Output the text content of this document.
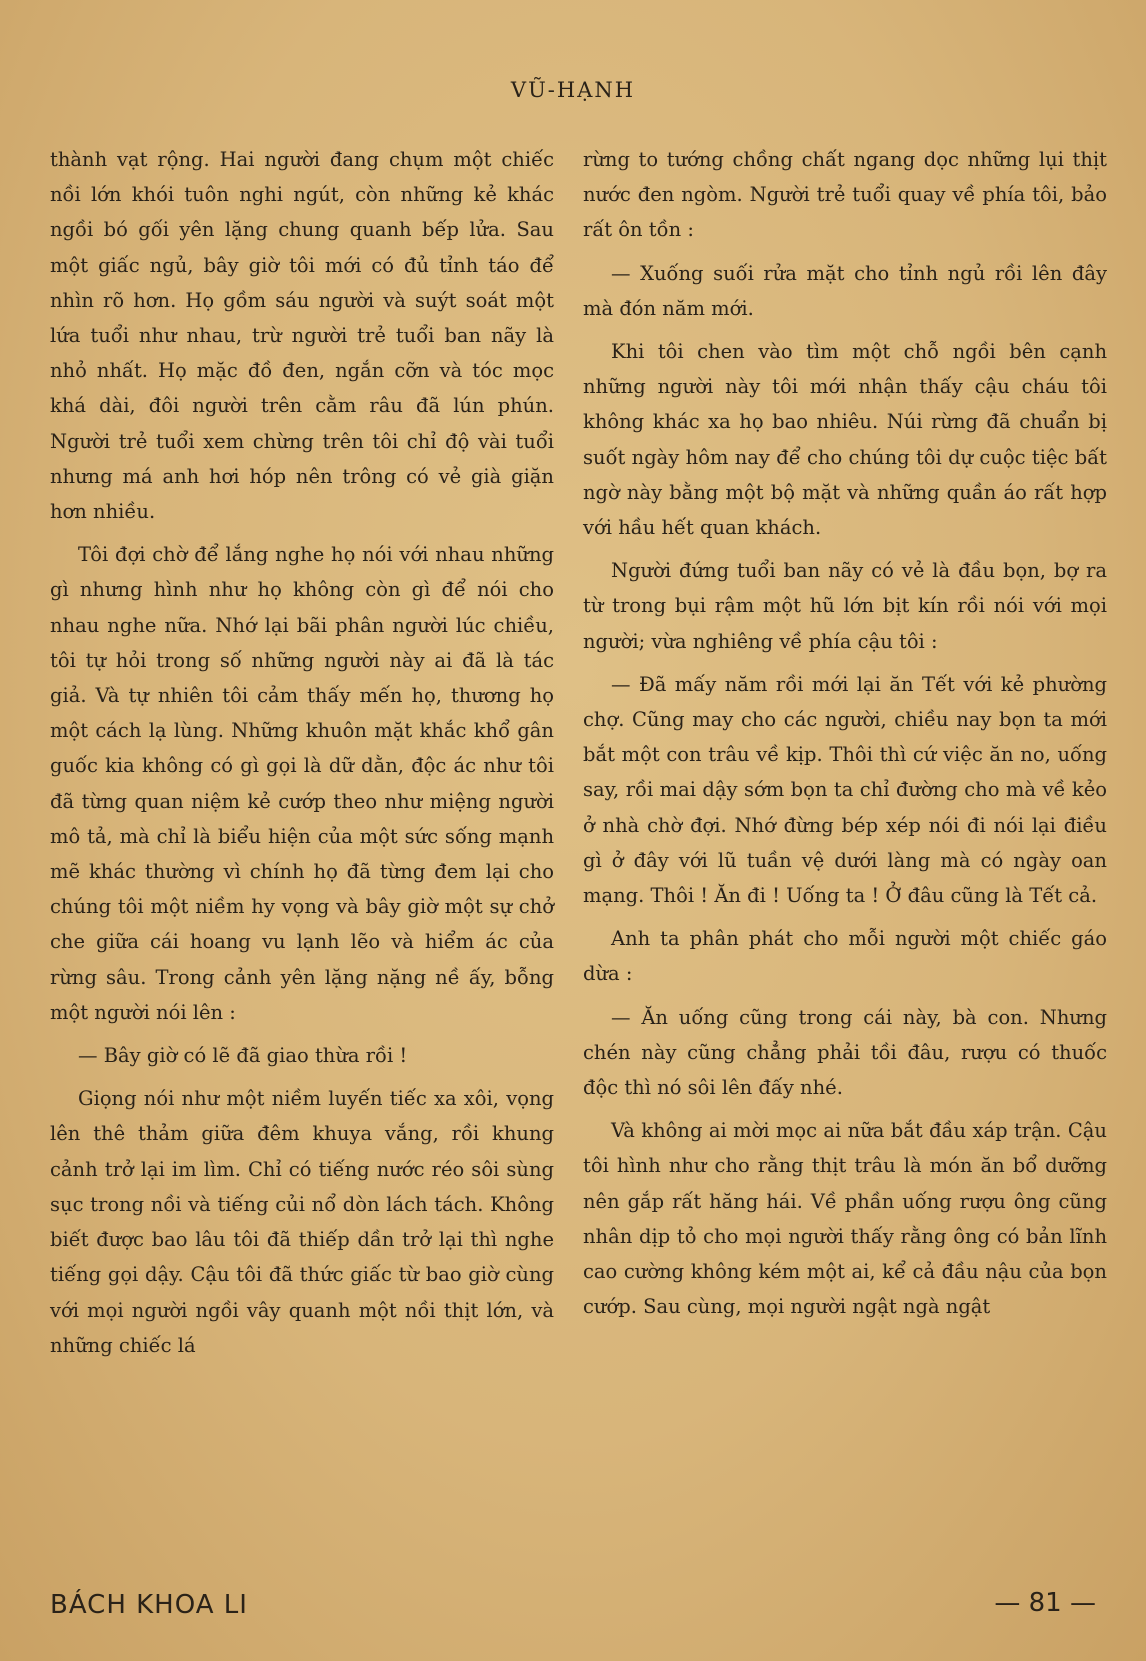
VŨ-HẠNH

thành vạt rộng. Hai người đang chụm một chiếc nồi lớn khói tuôn nghi ngút, còn những kẻ khác ngồi bó gối yên lặng chung quanh bếp lửa. Sau một giấc ngủ, bây giờ tôi mới có đủ tỉnh táo để nhìn rõ hơn. Họ gồm sáu người và suýt soát một lứa tuổi như nhau, trừ người trẻ tuổi ban nãy là nhỏ nhất. Họ mặc đồ đen, ngắn cỡn và tóc mọc khá dài, đôi người trên cằm râu đã lún phún. Người trẻ tuổi xem chừng trên tôi chỉ độ vài tuổi nhưng má anh hơi hóp nên trông có vẻ già giặn hơn nhiều.

Tôi đợi chờ để lắng nghe họ nói với nhau những gì nhưng hình như họ không còn gì để nói cho nhau nghe nữa. Nhớ lại bãi phân người lúc chiều, tôi tự hỏi trong số những người này ai đã là tác giả. Và tự nhiên tôi cảm thấy mến họ, thương họ một cách lạ lùng. Những khuôn mặt khắc khổ gân guốc kia không có gì gọi là dữ dằn, độc ác như tôi đã từng quan niệm kẻ cướp theo như miệng người mô tả, mà chỉ là biểu hiện của một sức sống mạnh mẽ khác thường vì chính họ đã từng đem lại cho chúng tôi một niềm hy vọng và bây giờ một sự chở che giữa cái hoang vu lạnh lẽo và hiểm ác của rừng sâu. Trong cảnh yên lặng nặng nề ấy, bỗng một người nói lên :

— Bây giờ có lẽ đã giao thừa rồi !

Giọng nói như một niềm luyến tiếc xa xôi, vọng lên thê thảm giữa đêm khuya vắng, rồi khung cảnh trở lại im lìm. Chỉ có tiếng nước réo sôi sùng sục trong nồi và tiếng củi nổ dòn lách tách. Không biết được bao lâu tôi đã thiếp dần trở lại thì nghe tiếng gọi dậy. Cậu tôi đã thức giấc từ bao giờ cùng với mọi người ngồi vây quanh một nồi thịt lớn, và những chiếc lá

rừng to tướng chồng chất ngang dọc những lụi thịt nước đen ngòm. Người trẻ tuổi quay về phía tôi, bảo rất ôn tồn :

— Xuống suối rửa mặt cho tỉnh ngủ rồi lên đây mà đón năm mới.

Khi tôi chen vào tìm một chỗ ngồi bên cạnh những người này tôi mới nhận thấy cậu cháu tôi không khác xa họ bao nhiêu. Núi rừng đã chuẩn bị suốt ngày hôm nay để cho chúng tôi dự cuộc tiệc bất ngờ này bằng một bộ mặt và những quần áo rất hợp với hầu hết quan khách.

Người đứng tuổi ban nãy có vẻ là đầu bọn, bợ ra từ trong bụi rậm một hũ lớn bịt kín rồi nói với mọi người; vừa nghiêng về phía cậu tôi :

— Đã mấy năm rồi mới lại ăn Tết với kẻ phường chợ. Cũng may cho các người, chiều nay bọn ta mới bắt một con trâu về kịp. Thôi thì cứ việc ăn no, uống say, rồi mai dậy sớm bọn ta chỉ đường cho mà về kẻo ở nhà chờ đợi. Nhớ đừng bép xép nói đi nói lại điều gì ở đây với lũ tuần vệ dưới làng mà có ngày oan mạng. Thôi ! Ăn đi ! Uống ta ! Ở đâu cũng là Tết cả.

Anh ta phân phát cho mỗi người một chiếc gáo dừa :

— Ăn uống cũng trong cái này, bà con. Nhưng chén này cũng chẳng phải tồi đâu, rượu có thuốc độc thì nó sôi lên đấy nhé.

Và không ai mời mọc ai nữa bắt đầu xáp trận. Cậu tôi hình như cho rằng thịt trâu là món ăn bổ dưỡng nên gắp rất hăng hái. Về phần uống rượu ông cũng nhân dịp tỏ cho mọi người thấy rằng ông có bản lĩnh cao cường không kém một ai, kể cả đầu nậu của bọn cướp. Sau cùng, mọi người ngật ngà ngật

BÁCH KHOA LI	— 81 —
